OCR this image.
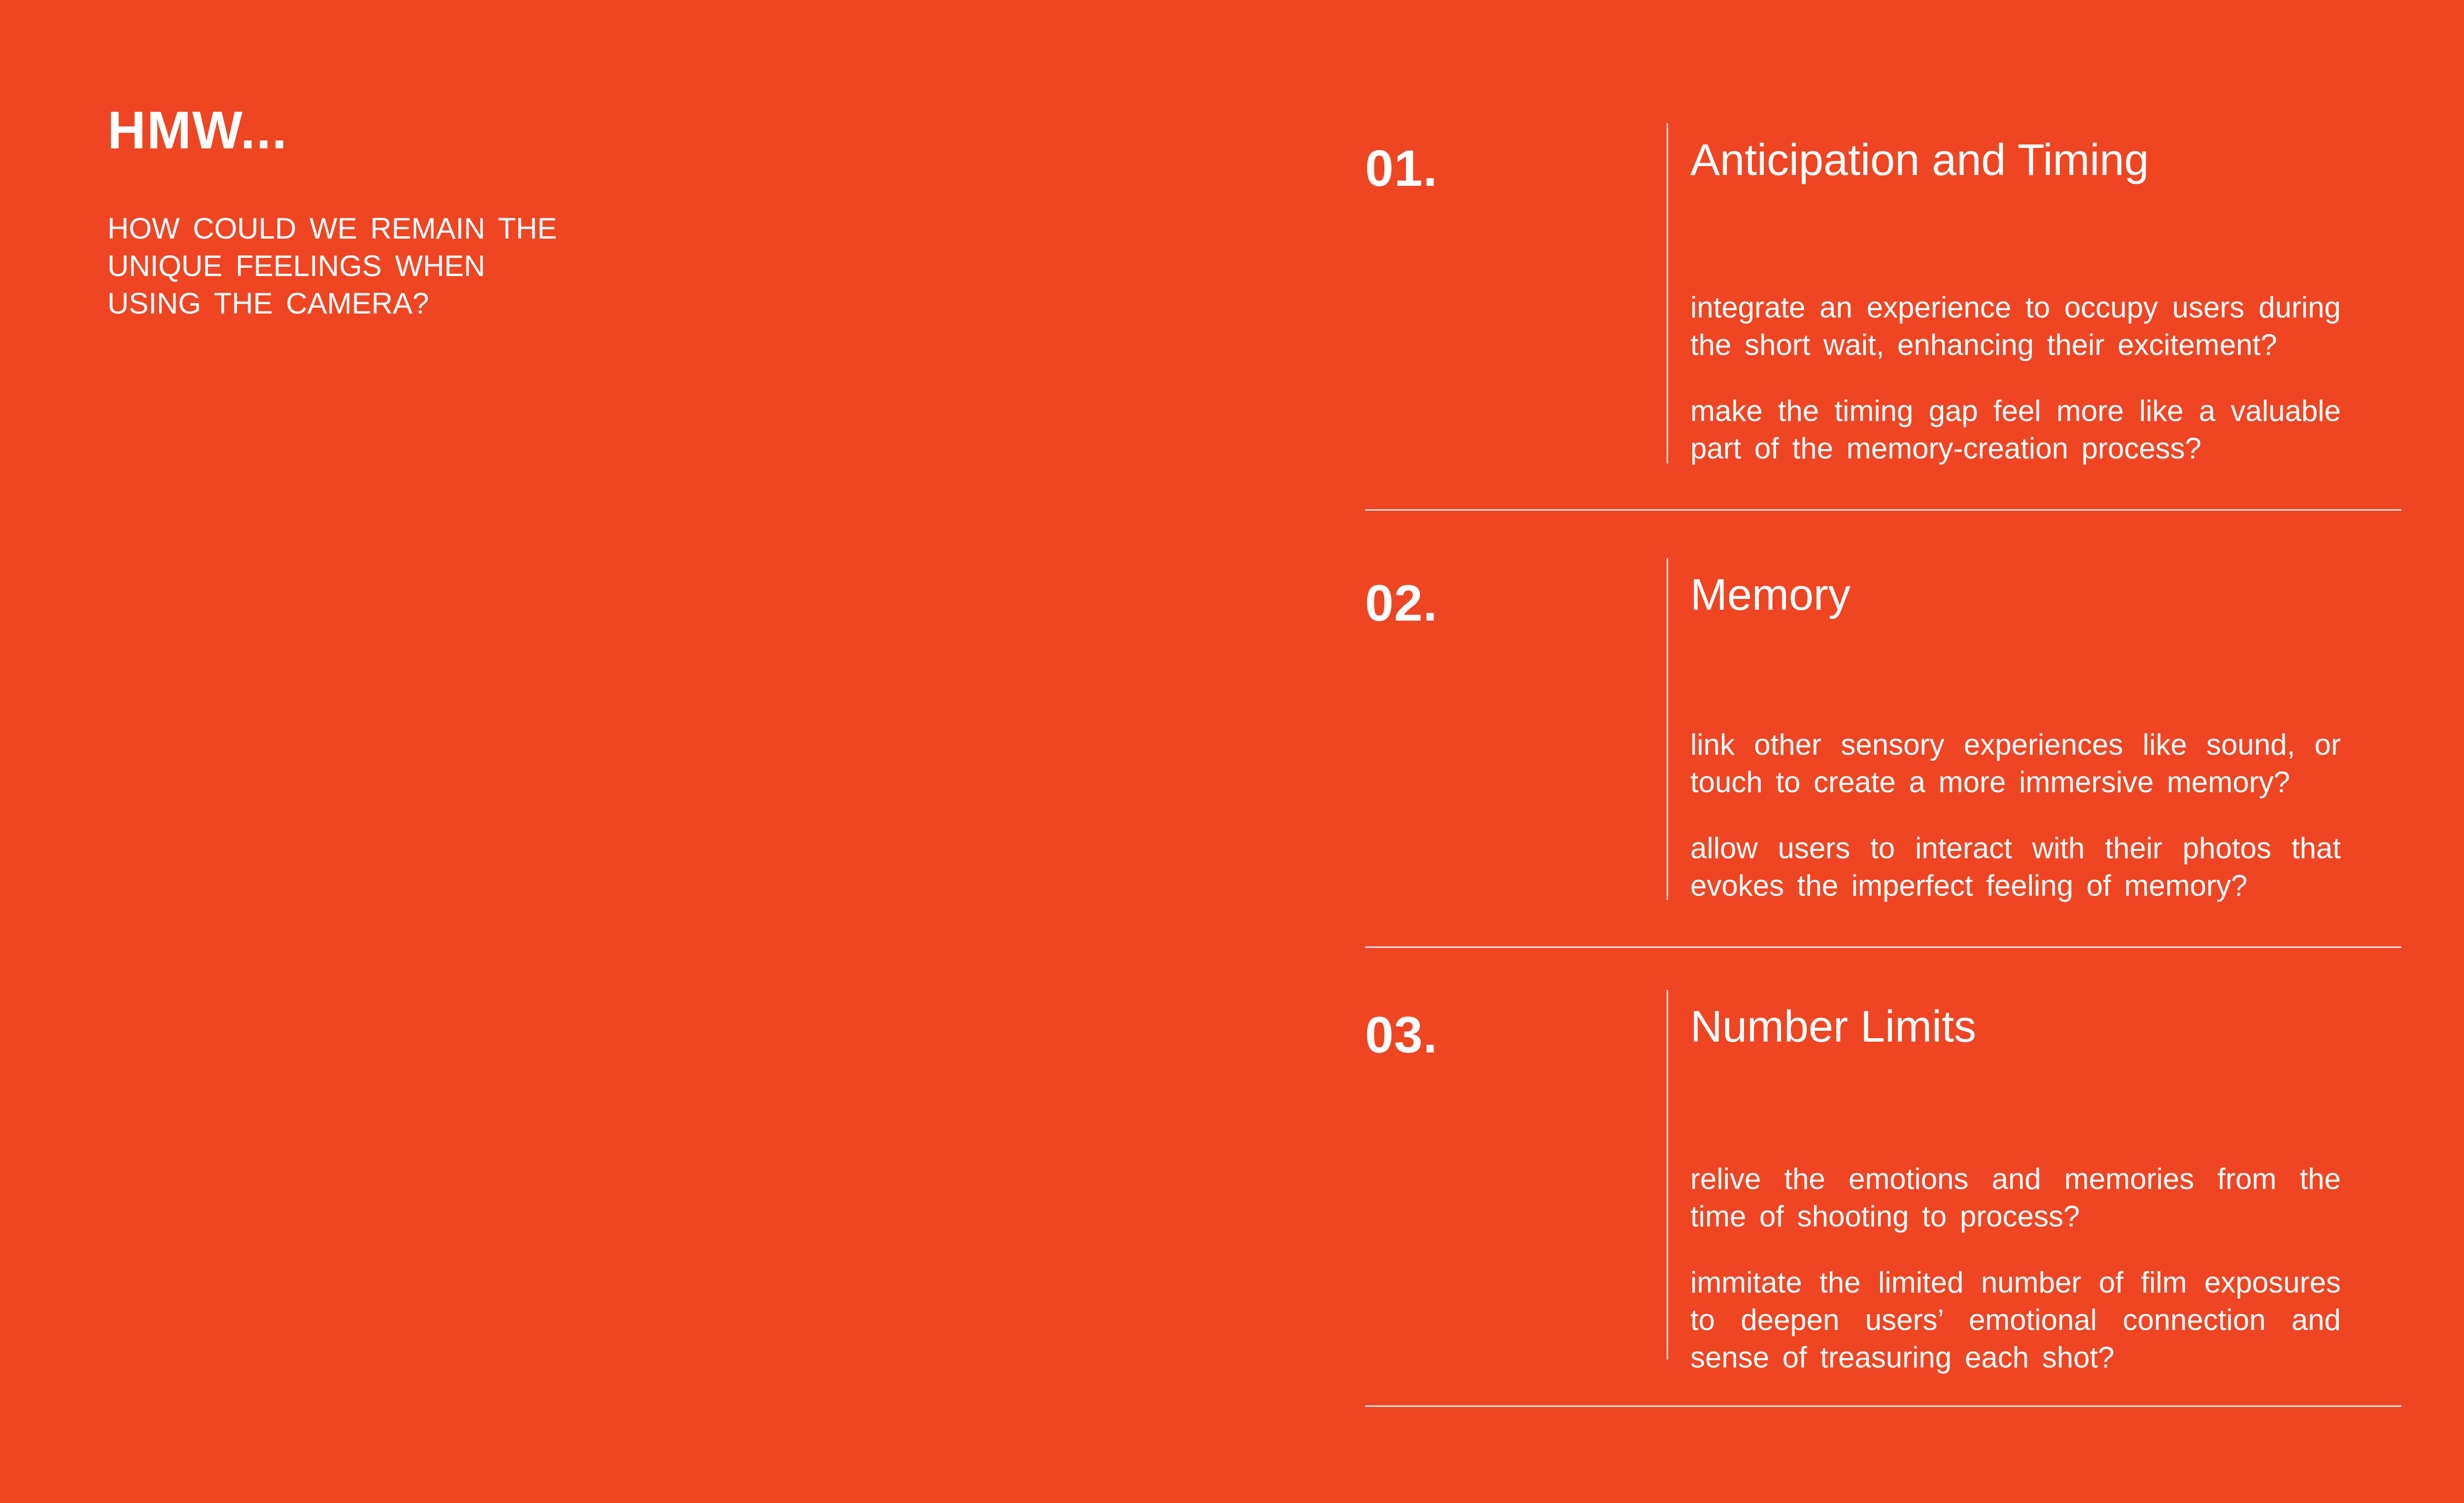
HMW...
HOW COULD WE REMAIN THE UNIQUE FEELINGS WHEN USING THE CAMERA?
01.	Anticipation and Timing
integrate an experience to occupy users during the short wait, enhancing their excitement?
make the timing gap feel more like a valuable part of the memory-creation process?
02.	Memory
link other sensory experiences like sound, or touch to create a more immersive memory?
allow users to interact with their photos that evokes the imperfect feeling of memory?
03.	Number Limits
relive the emotions and memories from the time of shooting to process?
immitate the limited number of film exposures to deepen users’ emotional connection and sense of treasuring each shot?
